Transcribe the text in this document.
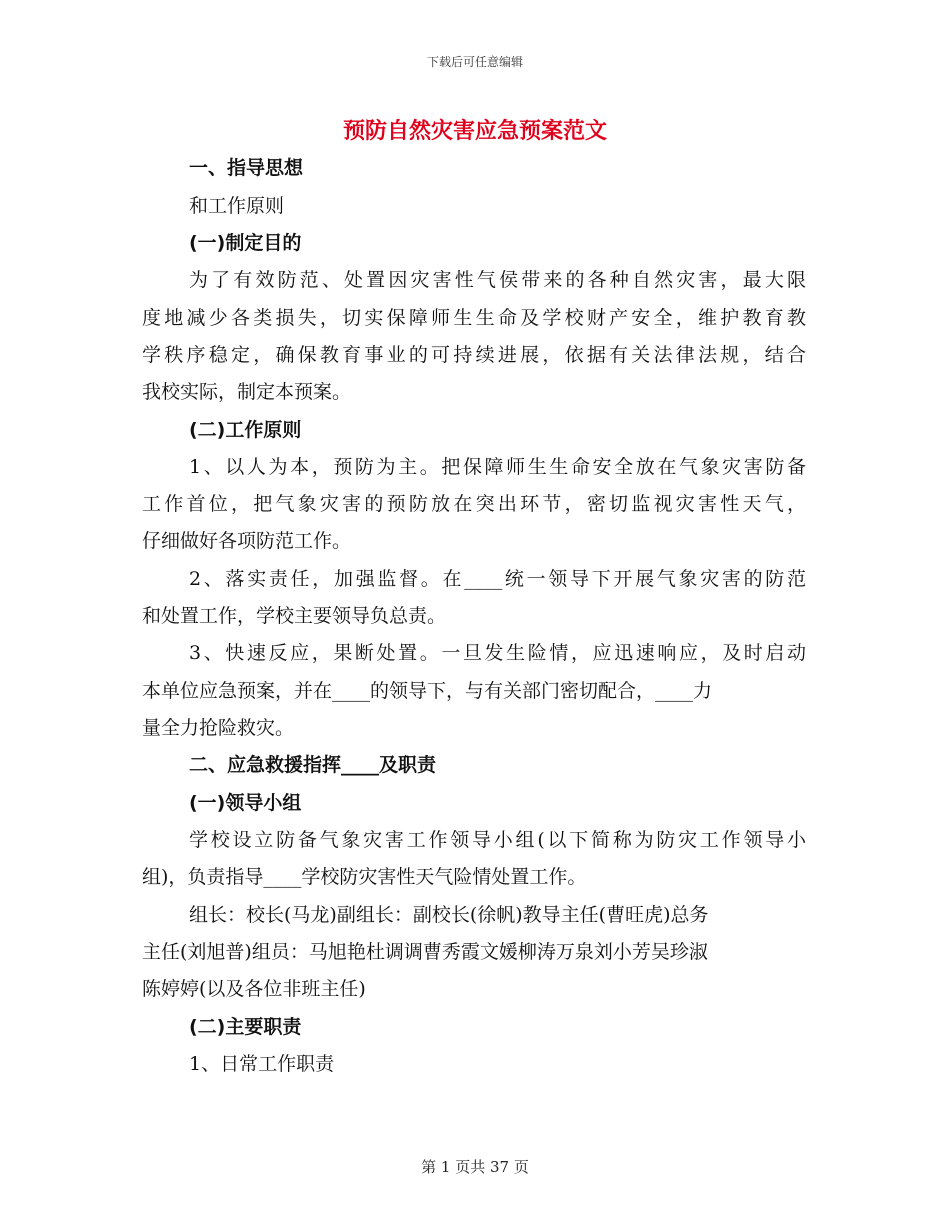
下载后可任意编辑
预防自然灾害应急预案范文
一、指导思想
和工作原则
(一)制定目的
为了有效防范、处置因灾害性气侯带来的各种自然灾害，最大限
度地减少各类损失，切实保障师生生命及学校财产安全，维护教育教
学秩序稳定，确保教育事业的可持续进展，依据有关法律法规，结合
我校实际，制定本预案。
(二)工作原则
1、以人为本，预防为主。把保障师生生命安全放在气象灾害防备
工作首位，把气象灾害的预防放在突出环节，密切监视灾害性天气，
仔细做好各项防范工作。
2、落实责任，加强监督。在____统一领导下开展气象灾害的防范
和处置工作，学校主要领导负总责。
3、快速反应，果断处置。一旦发生险情，应迅速响应，及时启动
本单位应急预案，并在____的领导下，与有关部门密切配合，____力
量全力抢险救灾。
二、应急救援指挥____及职责
(一)领导小组
学校设立防备气象灾害工作领导小组(以下简称为防灾工作领导小
组)，负责指导____学校防灾害性天气险情处置工作。
组长：校长(马龙)副组长：副校长(徐帆)教导主任(曹旺虎)总务
主任(刘旭普)组员：马旭艳杜调调曹秀霞文媛柳涛万泉刘小芳吴珍淑
陈婷婷(以及各位非班主任)
(二)主要职责
1、日常工作职责
第 1 页共 37 页
